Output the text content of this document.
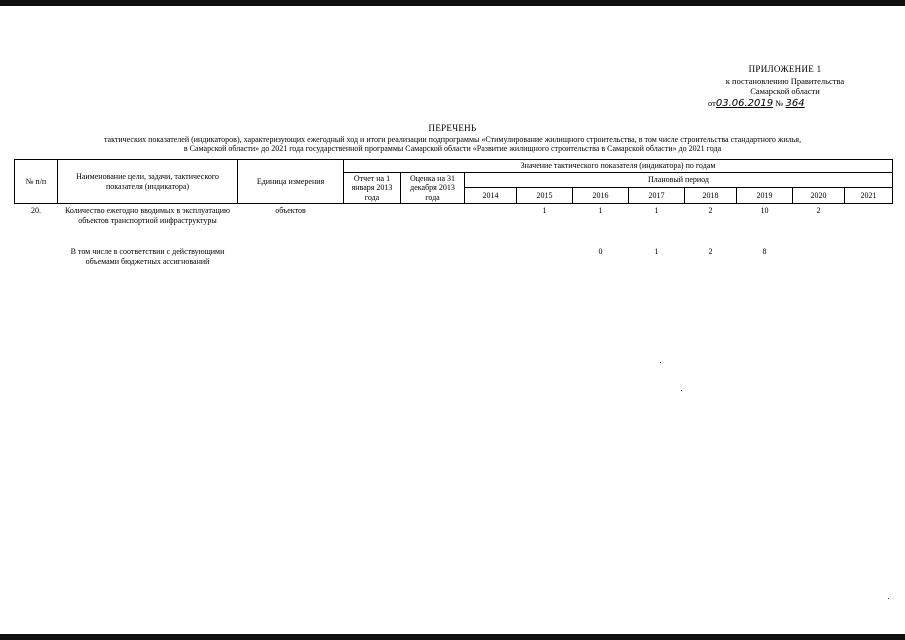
ПРИЛОЖЕНИЕ 1
к постановлению Правительства
Самарской области
от03.06.2019 № 364
ПЕРЕЧЕНЬ
тактических показателей (индикаторов), характеризующих ежегодный ход и итоги реализации подпрограммы «Стимулирование жилищного строительства, в том числе строительства стандартного жилья,
в Самарской области» до 2021 года государственной программы Самарской области «Развитие жилищного строительства в Самарской области» до 2021 года
№ п/п	Наименование цели, задачи, тактического показателя (индикатора)	Единица измерения	Значение тактического показателя (индикатора) по годам									
			Отчет на 1 января 2013 года	Оценка на 31 декабря 2013 года	Плановый период							
					2014	2015	2016	2017	2018	2019	2020	2021
20.	Количество ежегодно вводимых в эксплуатацию объектов транспортной инфраструктуры	объектов				1	1	1	2	10	2	

	В том числе в соответствии с действующими объемами бюджетных ассигнований						0	1	2	8		
